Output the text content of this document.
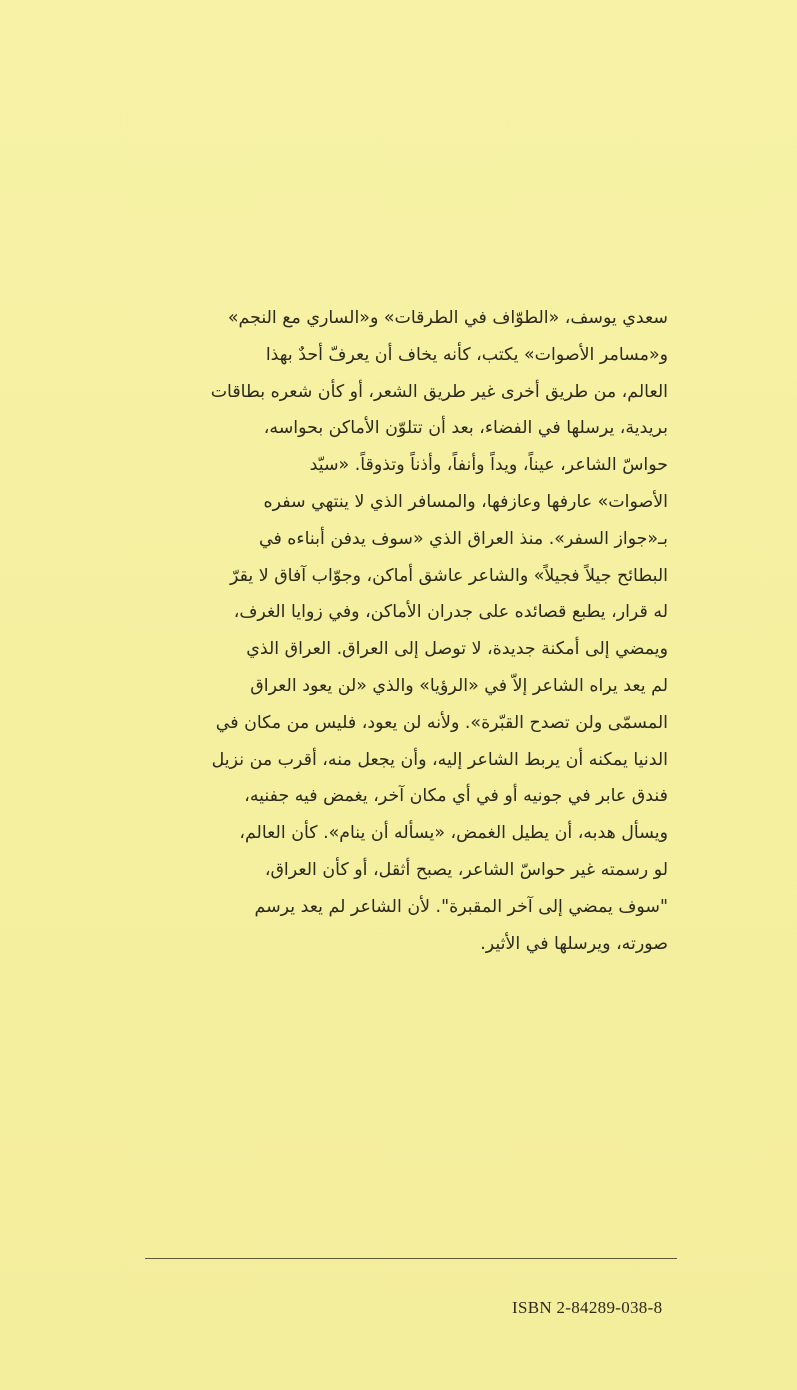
سعدي يوسف، «الطوّاف في الطرقات» و«الساري مع النجم»
و«مسامر الأصوات» يكتب، كأنه يخاف أن يعرفّ أحدٌ بهذا
العالم، من طريق أخرى غير طريق الشعر، أو كأن شعره بطاقات
بريدية، يرسلها في الفضاء، بعد أن تتلوّن الأماكن بحواسه،
حواسّ الشاعر، عيناً، ويداً وأنفاً، وأذناً وتذوقاً. «سيّد
الأصوات» عارفها وعازفها، والمسافر الذي لا ينتهي سفره
بـ«جواز السفر». منذ العراق الذي «سوف يدفن أبناءه في
البطائح جيلاً فجيلاً» والشاعر عاشق أماكن، وجوّاب آفاق لا يقرّ
له قرار، يطبع قصائده على جدران الأماكن، وفي زوايا الغرف،
ويمضي إلى أمكنة جديدة، لا توصل إلى العراق. العراق الذي
لم يعد يراه الشاعر إلاّ في «الرؤيا» والذي «لن يعود العراق
المسمّى ولن تصدح القبّرة». ولأنه لن يعود، فليس من مكان في
الدنيا يمكنه أن يربط الشاعر إليه، وأن يجعل منه، أقرب من نزيل
فندق عابر في جونيه أو في أي مكان آخر، يغمض فيه جفنيه،
ويسأل هدبه، أن يطيل الغمض، «يسأله أن ينام». كأن العالم،
لو رسمته غير حواسّ الشاعر، يصبح أثقل، أو كأن العراق،
"سوف يمضي إلى آخر المقبرة". لأن الشاعر لم يعد يرسم
صورته، ويرسلها في الأثير.
ISBN 2-84289-038-8
